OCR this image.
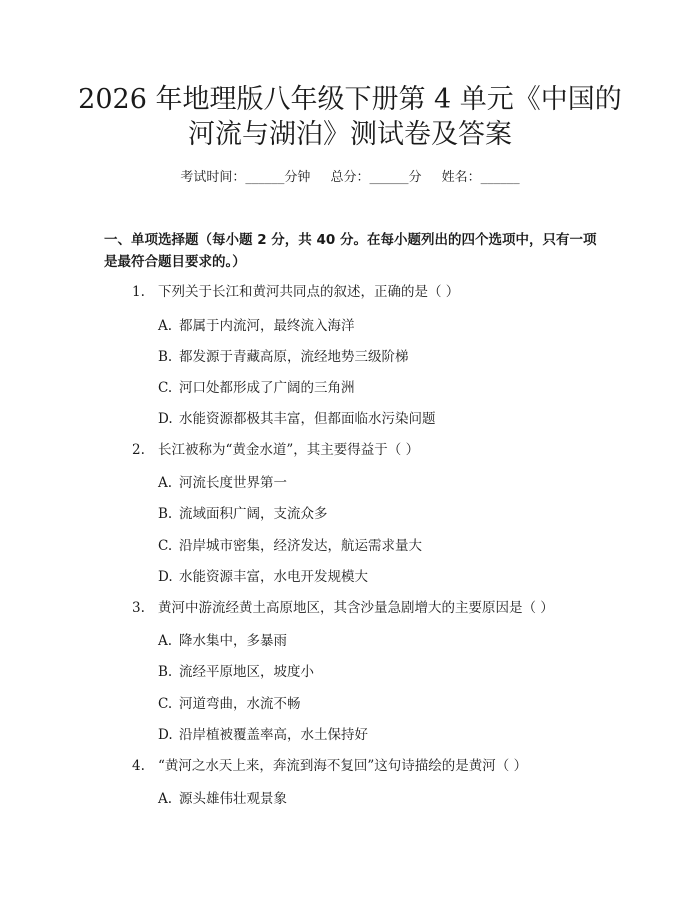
2026 年地理版八年级下册第 4 单元《中国的
河流与湖泊》测试卷及答案
考试时间：______分钟 总分：______分 姓名：______
一、单项选择题（每小题 2 分，共 40 分。在每小题列出的四个选项中，只有一项是最符合题目要求的。）
1. 下列关于长江和黄河共同点的叙述，正确的是（ ）
A. 都属于内流河，最终流入海洋
B. 都发源于青藏高原，流经地势三级阶梯
C. 河口处都形成了广阔的三角洲
D. 水能资源都极其丰富，但都面临水污染问题
2. 长江被称为“黄金水道”，其主要得益于（ ）
A. 河流长度世界第一
B. 流域面积广阔，支流众多
C. 沿岸城市密集，经济发达，航运需求量大
D. 水能资源丰富，水电开发规模大
3. 黄河中游流经黄土高原地区，其含沙量急剧增大的主要原因是（ ）
A. 降水集中，多暴雨
B. 流经平原地区，坡度小
C. 河道弯曲，水流不畅
D. 沿岸植被覆盖率高，水土保持好
4. “黄河之水天上来，奔流到海不复回”这句诗描绘的是黄河（ ）
A. 源头雄伟壮观景象
